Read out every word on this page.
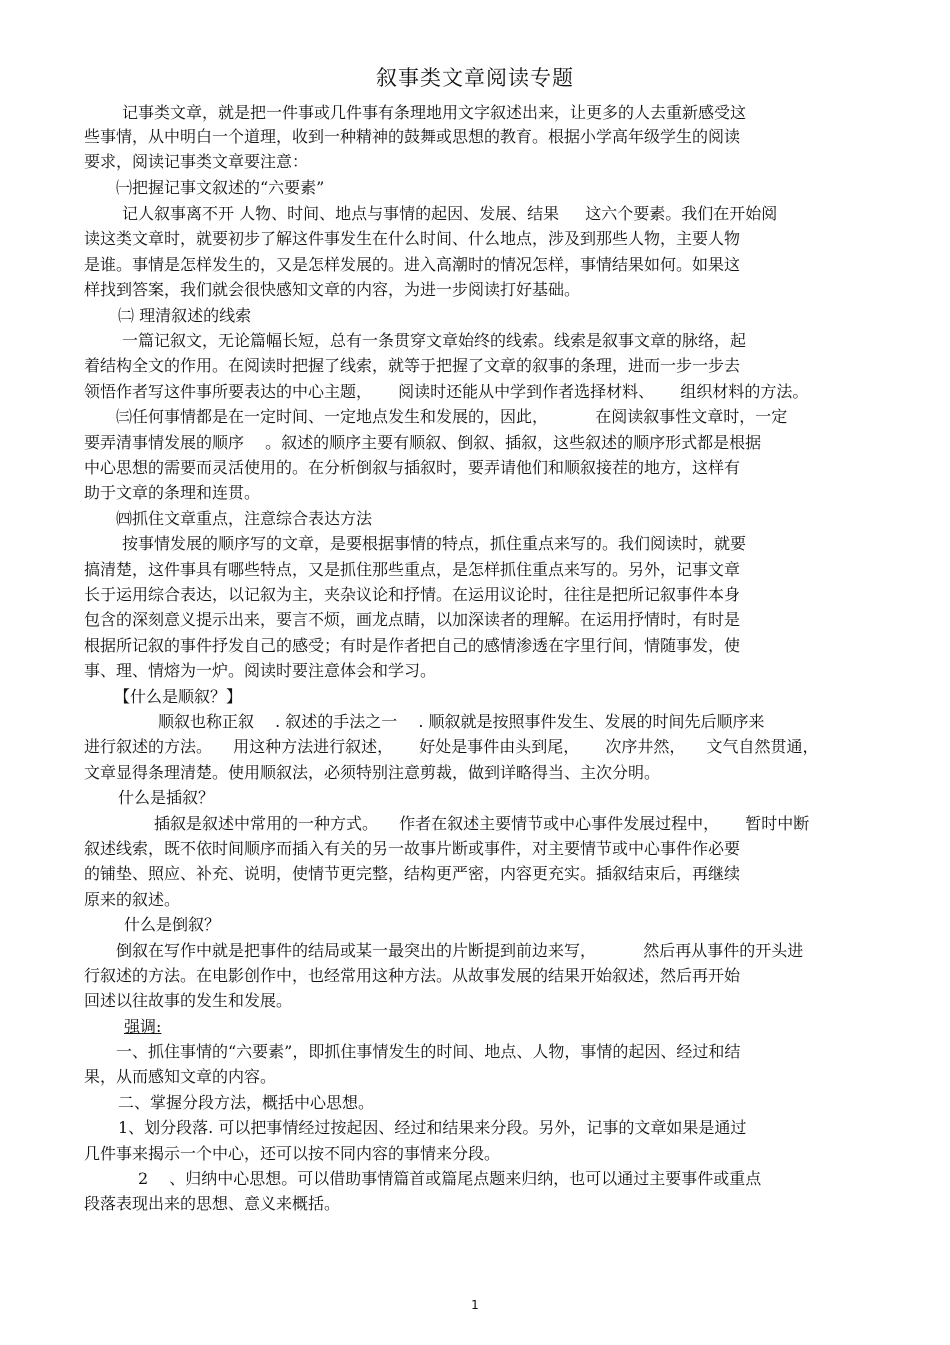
叙事类文章阅读专题
记事类文章，就是把一件事或几件事有条理地用文字叙述出来，让更多的人去重新感受这
些事情，从中明白一个道理，收到一种精神的鼓舞或思想的教育。根据小学高年级学生的阅读
要求，阅读记事类文章要注意：
㈠把握记事文叙述的“六要素”
记人叙事离不开 人物、时间、地点与事情的起因、发展、结果 　 这六个要素。我们在开始阅
读这类文章时，就要初步了解这件事发生在什么时间、什么地点，涉及到那些人物，主要人物
是谁。事情是怎样发生的，又是怎样发展的。进入高潮时的情况怎样，事情结果如何。如果这
样找到答案，我们就会很快感知文章的内容，为进一步阅读打好基础。
㈡ 理清叙述的线索
一篇记叙文，无论篇幅长短，总有一条贯穿文章始终的线索。线索是叙事文章的脉络，起
着结构全文的作用。在阅读时把握了线索，就等于把握了文章的叙事的条理，进而一步一步去
领悟作者写这件事所要表达的中心主题， 　 阅读时还能从中学到作者选择材料、 　 组织材料的方法。
㈢任何事情都是在一定时间、一定地点发生和发展的，因此， 　 　 在阅读叙事性文章时，一定
要弄清事情发展的顺序 　。叙述的顺序主要有顺叙、倒叙、插叙，这些叙述的顺序形式都是根据
中心思想的需要而灵活使用的。在分析倒叙与插叙时，要弄请他们和顺叙接茬的地方，这样有
助于文章的条理和连贯。
㈣抓住文章重点，注意综合表达方法
按事情发展的顺序写的文章，是要根据事情的特点，抓住重点来写的。我们阅读时，就要
搞清楚，这件事具有哪些特点，又是抓住那些重点，是怎样抓住重点来写的。另外，记事文章
长于运用综合表达，以记叙为主，夹杂议论和抒情。在运用议论时，往往是把所记叙事件本身
包含的深刻意义提示出来，要言不烦，画龙点睛，以加深读者的理解。在运用抒情时，有时是
根据所记叙的事件抒发自己的感受；有时是作者把自己的感情渗透在字里行间，情随事发，使
事、理、情熔为一炉。阅读时要注意体会和学习。
【什么是顺叙？】
顺叙也称正叙 　. 叙述的手法之一 　. 顺叙就是按照事件发生、发展的时间先后顺序来
进行叙述的方法。 　用这种方法进行叙述， 　 好处是事件由头到尾， 　 次序井然， 　文气自然贯通，
文章显得条理清楚。使用顺叙法，必须特别注意剪裁，做到详略得当、主次分明。
什么是插叙？
插叙是叙述中常用的一种方式。 　作者在叙述主要情节或中心事件发展过程中， 　 暂时中断
叙述线索，既不依时间顺序而插入有关的另一故事片断或事件，对主要情节或中心事件作必要
的铺垫、照应、补充、说明，使情节更完整，结构更严密，内容更充实。插叙结束后，再继续
原来的叙述。
什么是倒叙？
倒叙在写作中就是把事件的结局或某一最突出的片断提到前边来写， 　 　 然后再从事件的开头进
行叙述的方法。在电影创作中，也经常用这种方法。从故事发展的结果开始叙述，然后再开始
回述以往故事的发生和发展。
强调:
一、抓住事情的“六要素”，即抓住事情发生的时间、地点、人物，事情的起因、经过和结
果，从而感知文章的内容。
二、掌握分段方法，概括中心思想。
1、划分段落. 可以把事情经过按起因、经过和结果来分段。另外，记事的文章如果是通过
几件事来揭示一个中心，还可以按不同内容的事情来分段。
2 　、归纳中心思想。可以借助事情篇首或篇尾点题来归纳，也可以通过主要事件或重点
段落表现出来的思想、意义来概括。
1
